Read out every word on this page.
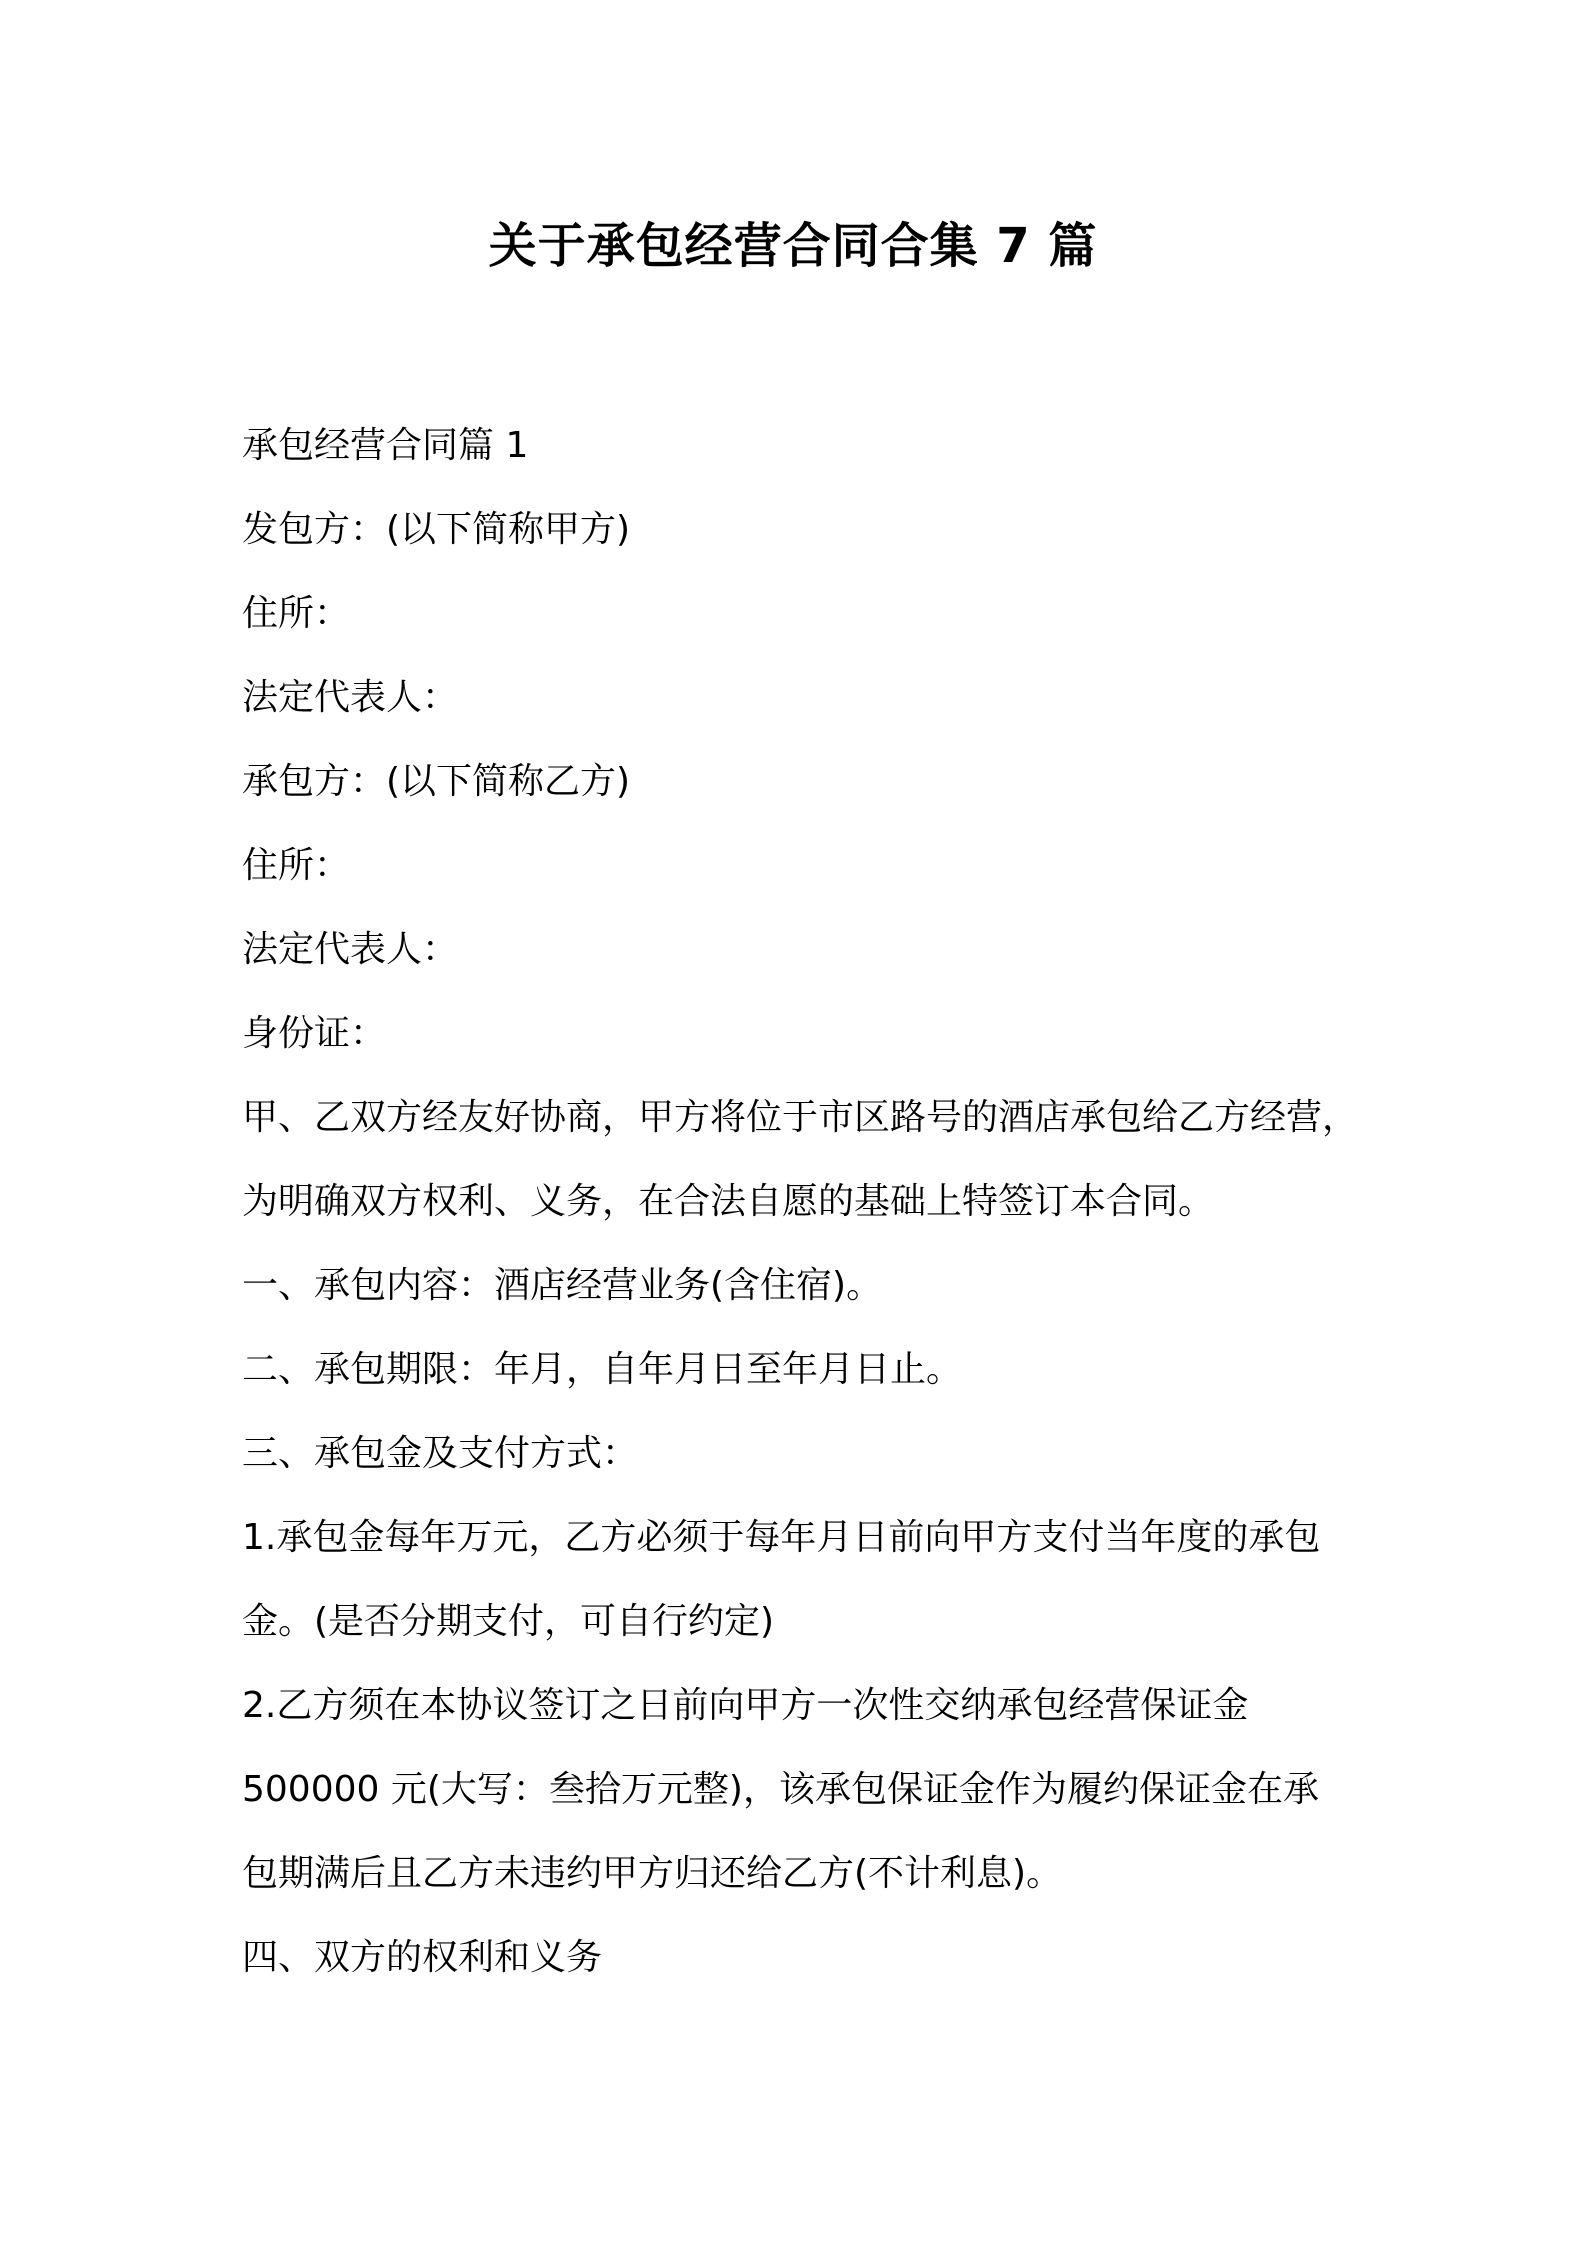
关于承包经营合同合集 7 篇

承包经营合同篇 1

发包方：(以下简称甲方)

住所：

法定代表人：

承包方：(以下简称乙方)

住所：

法定代表人：

身份证：

甲、乙双方经友好协商，甲方将位于市区路号的酒店承包给乙方经营，

为明确双方权利、义务，在合法自愿的基础上特签订本合同。

一、承包内容：酒店经营业务(含住宿)。

二、承包期限：年月，自年月日至年月日止。

三、承包金及支付方式：

1.承包金每年万元，乙方必须于每年月日前向甲方支付当年度的承包

金。(是否分期支付，可自行约定)

2.乙方须在本协议签订之日前向甲方一次性交纳承包经营保证金

500000 元(大写：叁拾万元整)，该承包保证金作为履约保证金在承

包期满后且乙方未违约甲方归还给乙方(不计利息)。

四、双方的权利和义务
